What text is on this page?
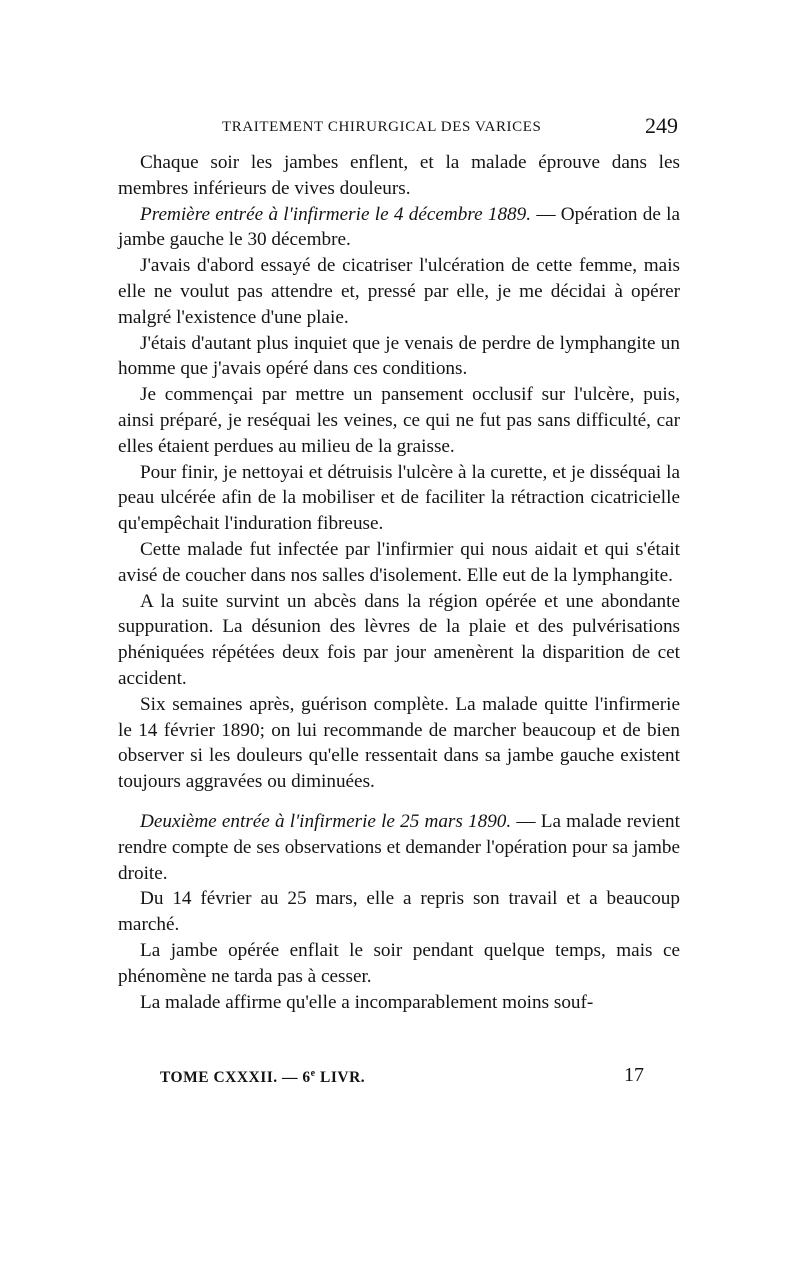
TRAITEMENT CHIRURGICAL DES VARICES	249

Chaque soir les jambes enflent, et la malade éprouve dans les membres inférieurs de vives douleurs.

Première entrée à l'infirmerie le 4 décembre 1889. — Opération de la jambe gauche le 30 décembre.

J'avais d'abord essayé de cicatriser l'ulcération de cette femme, mais elle ne voulut pas attendre et, pressé par elle, je me décidai à opérer malgré l'existence d'une plaie.

J'étais d'autant plus inquiet que je venais de perdre de lymphangite un homme que j'avais opéré dans ces conditions.

Je commençai par mettre un pansement occlusif sur l'ulcère, puis, ainsi préparé, je reséquai les veines, ce qui ne fut pas sans difficulté, car elles étaient perdues au milieu de la graisse.

Pour finir, je nettoyai et détruisis l'ulcère à la curette, et je disséquai la peau ulcérée afin de la mobiliser et de faciliter la rétraction cicatricielle qu'empêchait l'induration fibreuse.

Cette malade fut infectée par l'infirmier qui nous aidait et qui s'était avisé de coucher dans nos salles d'isolement. Elle eut de la lymphangite.

A la suite survint un abcès dans la région opérée et une abondante suppuration. La désunion des lèvres de la plaie et des pulvérisations phéniquées répétées deux fois par jour amenèrent la disparition de cet accident.

Six semaines après, guérison complète. La malade quitte l'infirmerie le 14 février 1890; on lui recommande de marcher beaucoup et de bien observer si les douleurs qu'elle ressentait dans sa jambe gauche existent toujours aggravées ou diminuées.

Deuxième entrée à l'infirmerie le 25 mars 1890. — La malade revient rendre compte de ses observations et demander l'opération pour sa jambe droite.

Du 14 février au 25 mars, elle a repris son travail et a beaucoup marché.

La jambe opérée enflait le soir pendant quelque temps, mais ce phénomène ne tarda pas à cesser.

La malade affirme qu'elle a incomparablement moins souf-

TOME CXXXII. — 6e LIVR.	17
